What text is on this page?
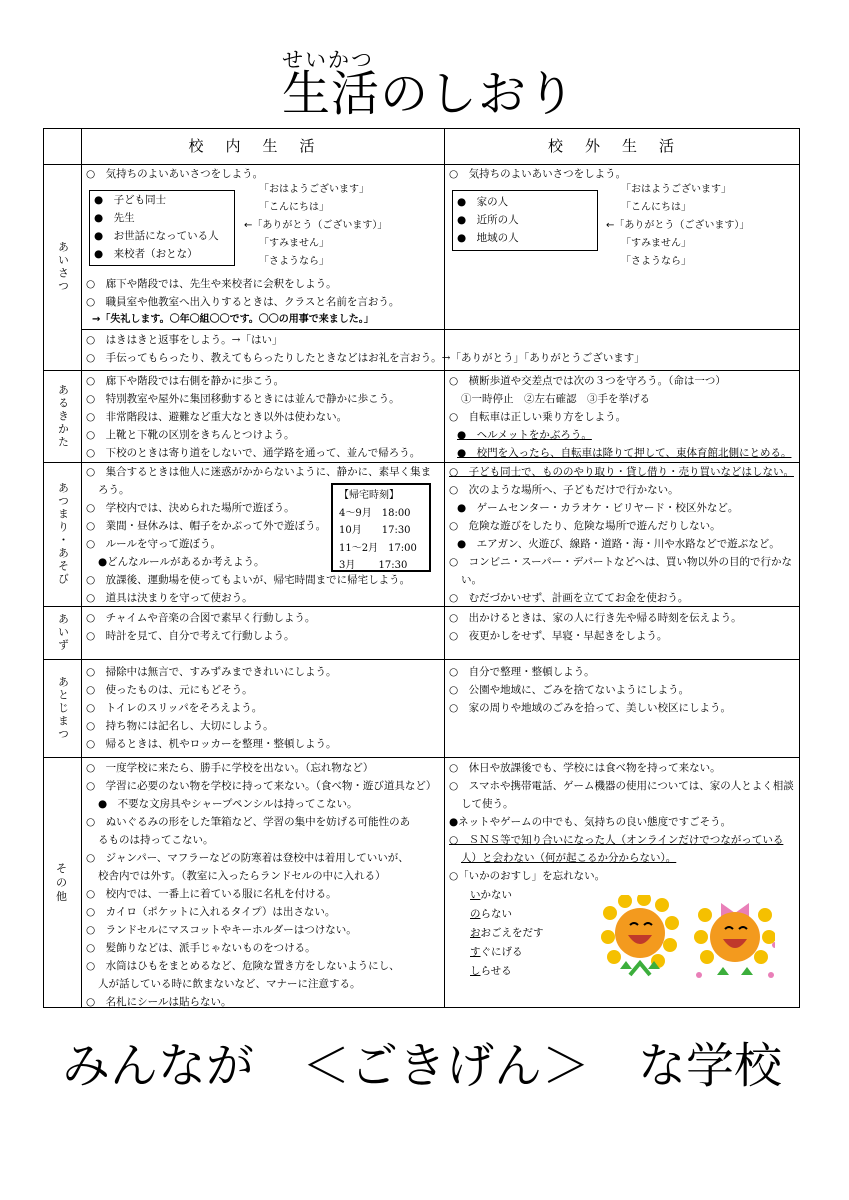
せいかつ
生活のしおり
校内生活	校外生活
あいさつ
あるきかた
あつまり・あそび
あいず
あとじまつ
その他
○　気持ちのよいあいさつをしよう。
●　子ども同士
●　先生
●　お世話になっている人
●　来校者（おとな）
「おはようございます」
「こんにちは」
←「ありがとう（ございます）」
「すみません」
「さようなら」
○　廊下や階段では、先生や来校者に会釈をしよう。
○　職員室や他教室へ出入りするときは、クラスと名前を言おう。
→「失礼します。〇年〇組〇〇です。〇〇の用事で来ました。」
○　気持ちのよいあいさつをしよう。
●　家の人
●　近所の人
●　地域の人
「おはようございます」
「こんにちは」
←「ありがとう（ございます）」
「すみません」
「さようなら」
○　はきはきと返事をしよう。→「はい」
○　手伝ってもらったり、教えてもらったりしたときなどはお礼を言おう。→「ありがとう」「ありがとうございます」
○　廊下や階段では右側を静かに歩こう。
○　特別教室や屋外に集団移動するときには並んで静かに歩こう。
○　非常階段は、避難など重大なとき以外は使わない。
○　上靴と下靴の区別をきちんとつけよう。
○　下校のときは寄り道をしないで、通学路を通って、並んで帰ろう。
○　横断歩道や交差点では次の３つを守ろう。（命は一つ）
①一時停止　②左右確認　③手を挙げる
○　自転車は正しい乗り方をしよう。
●　ヘルメットをかぶろう。
●　校門を入ったら、自転車は降りて押して、東体育館北側にとめる。
○　集合するときは他人に迷惑がかからないように、静かに、素早く集ま
ろう。
○　学校内では、決められた場所で遊ぼう。
○　業間・昼休みは、帽子をかぶって外で遊ぼう。
○　ルールを守って遊ぼう。
●どんなルールがあるか考えよう。
○　放課後、運動場を使ってもよいが、帰宅時間までに帰宅しよう。
○　道具は決まりを守って使おう。
【帰宅時刻】
4～9月　18:00
10月　　17:30
11～2月　17:00
3月　　 17:30
○　子ども同士で、もののやり取り・貸し借り・売り買いなどはしない。
○　次のような場所へ、子どもだけで行かない。
●　ゲームセンター・カラオケ・ビリヤード・校区外など。
○　危険な遊びをしたり、危険な場所で遊んだりしない。
●　エアガン、火遊び、線路・道路・海・川や水路などで遊ぶなど。
○　コンビニ・スーパー・デパートなどへは、買い物以外の目的で行かな
い。
○　むだづかいせず、計画を立ててお金を使おう。
○　チャイムや音楽の合図で素早く行動しよう。
○　時計を見て、自分で考えて行動しよう。
○　出かけるときは、家の人に行き先や帰る時刻を伝えよう。
○　夜更かしをせず、早寝・早起きをしよう。
○　掃除中は無言で、すみずみまできれいにしよう。
○　使ったものは、元にもどそう。
○　トイレのスリッパをそろえよう。
○　持ち物には記名し、大切にしよう。
○　帰るときは、机やロッカーを整理・整頓しよう。
○　自分で整理・整頓しよう。
○　公園や地域に、ごみを捨てないようにしよう。
○　家の周りや地域のごみを拾って、美しい校区にしよう。
○　一度学校に来たら、勝手に学校を出ない。（忘れ物など）
○　学習に必要のない物を学校に持って来ない。（食べ物・遊び道具など）
●　不要な文房具やシャープペンシルは持ってこない。
○　ぬいぐるみの形をした筆箱など、学習の集中を妨げる可能性のあ
るものは持ってこない。
○　ジャンパー、マフラーなどの防寒着は登校中は着用していいが、
校舎内では外す。（教室に入ったらランドセルの中に入れる）
○　校内では、一番上に着ている服に名札を付ける。
○　カイロ（ポケットに入れるタイプ）は出さない。
○　ランドセルにマスコットやキーホルダーはつけない。
○　髪飾りなどは、派手じゃないものをつける。
○　水筒はひもをまとめるなど、危険な置き方をしないようにし、
人が話している時に飲まないなど、マナーに注意する。
○　名札にシールは貼らない。
○　休日や放課後でも、学校には食べ物を持って来ない。
○　スマホや携帯電話、ゲーム機器の使用については、家の人とよく相談
して使う。
●ネットやゲームの中でも、気持ちの良い態度ですごそう。
○　ＳＮＳ等で知り合いになった人（オンラインだけでつながっている
人）と会わない（何が起こるか分からない）。
○「いかのおすし」を忘れない。
いかない
のらない
おおごえをだす
すぐにげる
しらせる
みんなが　＜ごきげん＞　な学校
